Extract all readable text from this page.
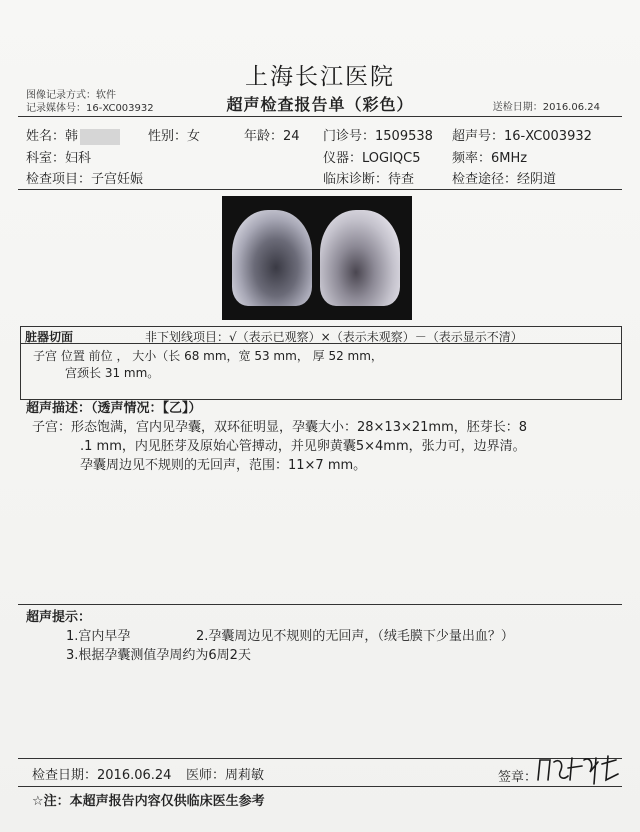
上海长江医院
图像记录方式：软件
记录媒体号：16-XC003932	超声检查报告单（彩色）	送检日期：2016.06.24
姓名：韩	性别：女	年龄：24 门诊号：1509538 超声号：16-XC003932
科室：妇科	仪器：LOGIQC5 频率：6MHz
检查项目：子宫妊娠	临床诊断：待查	检查途径：经阴道
脏器切面	非下划线项目：√（表示已观察）×（表示未观察）－（表示显示不清）
子宫 位置 前位 ， 大小（长 68 mm，宽 53 mm， 厚 52 mm，
宫颈长 31 mm。
超声描述：（透声情况：【乙】）
子宫：形态饱满，宫内见孕囊，双环征明显，孕囊大小：28×13×21mm，胚芽长：8
.1 mm，内见胚芽及原始心管搏动，并见卵黄囊5×4mm，张力可，边界清。
孕囊周边见不规则的无回声，范围：11×7 mm。
超声提示：
1.宫内早孕	2.孕囊周边见不规则的无回声，（绒毛膜下少量出血？）
3.根据孕囊测值孕周约为6周2天
检查日期：2016.06.24 医师：周莉敏	签章：
☆注：本超声报告内容仅供临床医生参考
